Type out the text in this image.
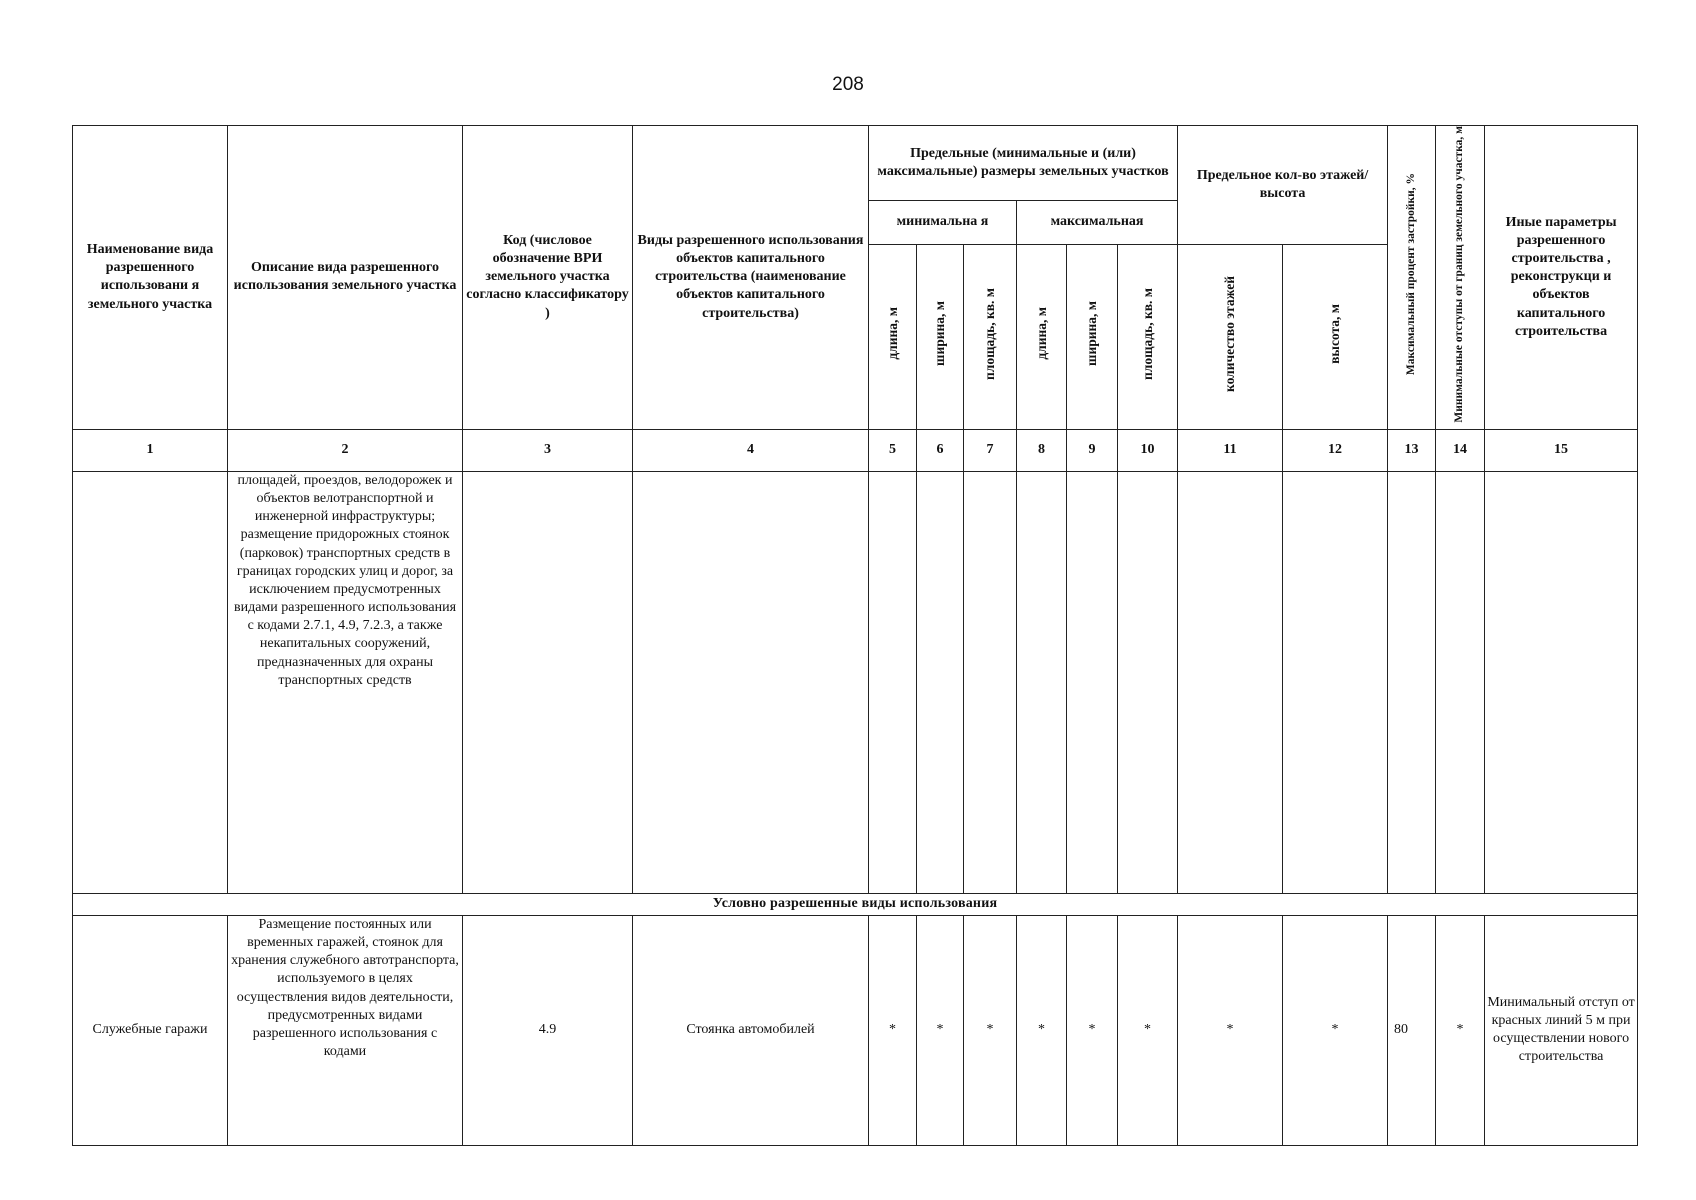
208
Наименование вида разрешенного использовани я земельного участка	Описание вида разрешенного использования земельного участка	Код (числовое обозначение ВРИ земельного участка согласно классификатору )	Виды разрешенного использования объектов капитального строительства (наименование объектов капитального строительства)	Предельные (минимальные и (или) максимальные) размеры земельных участков						Предельное кол-во этажей/высота		Максимальный процент застройки, %	Минимальные отступы от границ земельного участка, м	Иные параметры разрешенного строительства , реконструкци и объектов капитального строительства
				минимальна я			максимальная							
				длина, м	ширина, м	площадь, кв. м	длина, м	ширина, м	площадь, кв. м	количество этажей	высота, м			
1	2	3	4	5	6	7	8	9	10	11	12	13	14	15
	площадей, проездов, велодорожек и объектов велотранспортной и инженерной инфраструктуры; размещение придорожных стоянок (парковок) транспортных средств в границах городских улиц и дорог, за исключением предусмотренных видами разрешенного использования с кодами 2.7.1, 4.9, 7.2.3, а также некапитальных сооружений, предназначенных для охраны транспортных средств													
Условно разрешенные виды использования														
Служебные гаражи	Размещение постоянных или временных гаражей, стоянок для хранения служебного автотранспорта, используемого в целях осуществления видов деятельности, предусмотренных видами разрешенного использования с кодами	4.9	Стоянка автомобилей	*	*	*	*	*	*	*	*	80	*	Минимальный отступ от красных линий 5 м при осуществлении нового строительства
